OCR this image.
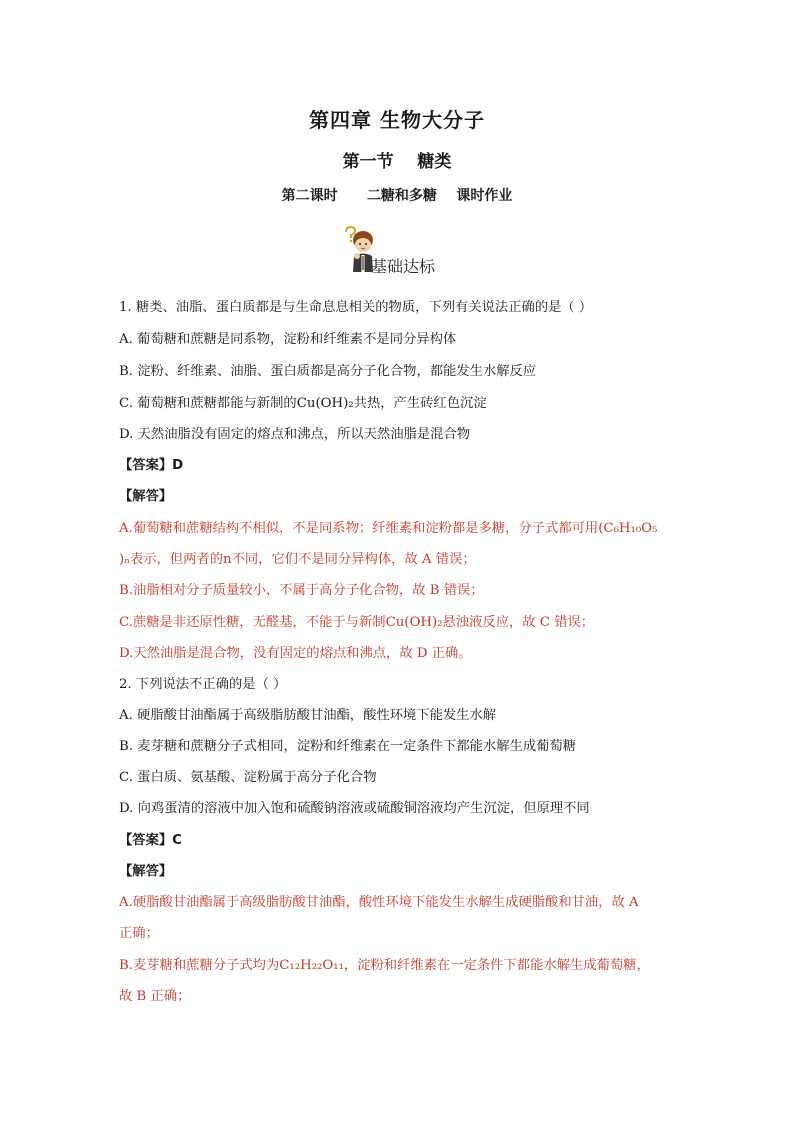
第四章 生物大分子
第一节    糖类
第二课时      二糖和多糖    课时作业
基础达标
1. 糖类、油脂、蛋白质都是与生命息息相关的物质，下列有关说法正确的是（ ）
A. 葡萄糖和蔗糖是同系物，淀粉和纤维素不是同分异构体
B. 淀粉、纤维素、油脂、蛋白质都是高分子化合物，都能发生水解反应
C. 葡萄糖和蔗糖都能与新制的Cu(OH)₂共热，产生砖红色沉淀
D. 天然油脂没有固定的熔点和沸点，所以天然油脂是混合物
【答案】D
【解答】
A.葡萄糖和蔗糖结构不相似，不是同系物；纤维素和淀粉都是多糖，分子式都可用(C₆H₁₀O₅
)ₙ表示，但两者的n不同，它们不是同分异构体，故 A 错误；
B.油脂相对分子质量较小，不属于高分子化合物，故 B 错误；
C.蔗糖是非还原性糖，无醛基，不能于与新制Cu(OH)₂悬浊液反应，故 C 错误；
D.天然油脂是混合物，没有固定的熔点和沸点，故 D 正确。
2. 下列说法不正确的是（ ）
A. 硬脂酸甘油酯属于高级脂肪酸甘油酯，酸性环境下能发生水解
B. 麦芽糖和蔗糖分子式相同，淀粉和纤维素在一定条件下都能水解生成葡萄糖
C. 蛋白质、氨基酸、淀粉属于高分子化合物
D. 向鸡蛋清的溶液中加入饱和硫酸钠溶液或硫酸铜溶液均产生沉淀，但原理不同
【答案】C
【解答】
A.硬脂酸甘油酯属于高级脂肪酸甘油酯，酸性环境下能发生水解生成硬脂酸和甘油，故 A
正确；
B.麦芽糖和蔗糖分子式均为C₁₂H₂₂O₁₁，淀粉和纤维素在一定条件下都能水解生成葡萄糖，
故 B 正确；
